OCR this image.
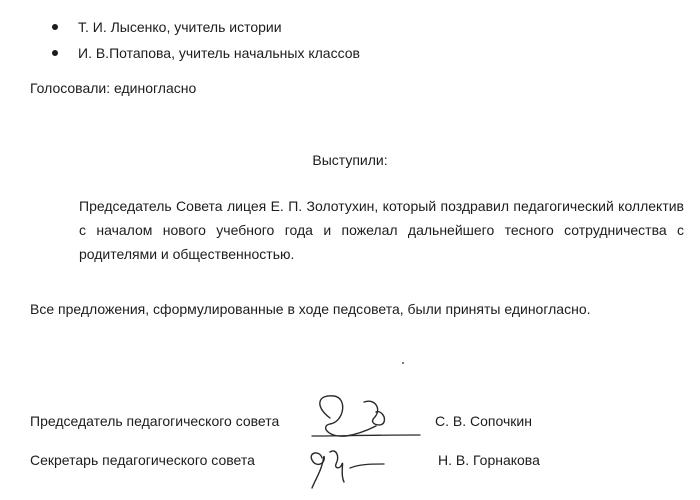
Т. И. Лысенко, учитель истории
И. В.Потапова, учитель начальных классов
Голосовали: единогласно
Выступили:

Председатель Совета лицея Е. П. Золотухин, который поздравил педагогический коллектив с началом нового учебного года и пожелал дальнейшего тесного сотрудничества с родителями и общественностью.

Все предложения, сформулированные в ходе педсовета, были приняты единогласно.
Председатель педагогического совета	С. В. Сопочкин
Секретарь педагогического совета	Н. В. Горнакова
